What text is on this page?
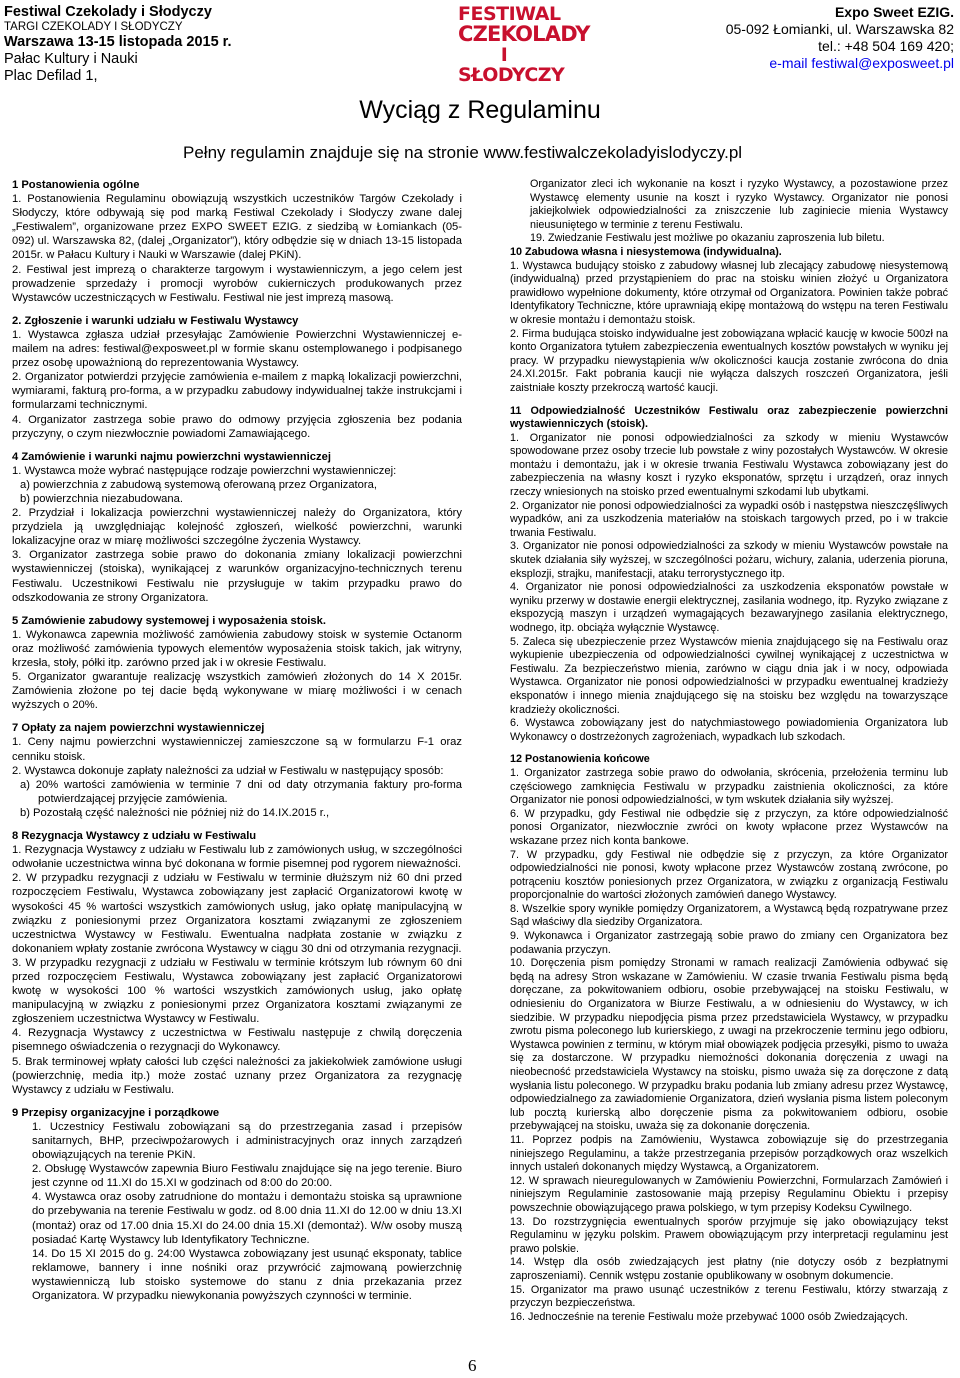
Festiwal Czekolady i Słodyczy
TARGI CZEKOLADY I SŁODYCZY
Warszawa 13-15 listopada 2015 r.
Pałac Kultury i Nauki
Plac Defilad 1,
FESTIWAL
CZEKOLADY
I SŁODYCZY
Expo Sweet EZIG.
05-092 Łomianki, ul. Warszawska 82
tel.: +48 504 169 420;
e-mail festiwal@exposweet.pl
Wyciąg z Regulaminu
Pełny regulamin znajduje się na stronie www.festiwalczekoladyislodyczy.pl
1 Postanowienia ogólne
1. Postanowienia Regulaminu obowiązują wszystkich uczestników Targów Czekolady i Słodyczy, które odbywają się pod marką Festiwal Czekolady i Słodyczy zwane dalej „Festiwalem”, organizowane przez EXPO SWEET EZIG. z siedzibą w Łomiankach (05-092) ul. Warszawska 82, (dalej „Organizator”), który odbędzie się w dniach 13-15 listopada 2015r. w Pałacu Kultury i Nauki w Warszawie (dalej PKiN).
2. Festiwal jest imprezą o charakterze targowym i wystawienniczym, a jego celem jest prowadzenie sprzedaży i promocji wyrobów cukierniczych produkowanych przez Wystawców uczestniczących w Festiwalu. Festiwal nie jest imprezą masową.
2. Zgłoszenie i warunki udziału w Festiwalu Wystawcy
1. Wystawca zgłasza udział przesyłając Zamówienie Powierzchni Wystawienniczej e-mailem na adres: festiwal@exposweet.pl w formie skanu ostemplowanego i podpisanego przez osobę upoważnioną do reprezentowania Wystawcy.
2. Organizator potwierdzi przyjęcie zamówienia e-mailem z mapką lokalizacji powierzchni, wymiarami, fakturą pro-forma, a w przypadku zabudowy indywidualnej także instrukcjami i formularzami technicznymi.
4. Organizator zastrzega sobie prawo do odmowy przyjęcia zgłoszenia bez podania przyczyny, o czym niezwłocznie powiadomi Zamawiającego.
4 Zamówienie i warunki najmu powierzchni wystawienniczej
1. Wystawca może wybrać następujące rodzaje powierzchni wystawienniczej:
a) powierzchnia z zabudową systemową oferowaną przez Organizatora,
b) powierzchnia niezabudowana.
2. Przydział i lokalizacja powierzchni wystawienniczej należy do Organizatora, który przydziela ją uwzględniając kolejność zgłoszeń, wielkość powierzchni, warunki lokalizacyjne oraz w miarę możliwości szczególne życzenia Wystawcy.
3. Organizator zastrzega sobie prawo do dokonania zmiany lokalizacji powierzchni wystawienniczej (stoiska), wynikającej z warunków organizacyjno-technicznych terenu Festiwalu. Uczestnikowi Festiwalu nie przysługuje w takim przypadku prawo do odszkodowania ze strony Organizatora.
5 Zamówienie zabudowy systemowej i wyposażenia stoisk.
1. Wykonawca zapewnia możliwość zamówienia zabudowy stoisk w systemie Octanorm oraz możliwość zamówienia typowych elementów wyposażenia stoisk takich, jak witryny, krzesła, stoły, półki itp. zarówno przed jak i w okresie Festiwalu.
5. Organizator gwarantuje realizację wszystkich zamówień złożonych do 14 X 2015r. Zamówienia złożone po tej dacie będą wykonywane w miarę możliwości i w cenach wyższych o 20%.
7 Opłaty za najem powierzchni wystawienniczej
1. Ceny najmu powierzchni wystawienniczej zamieszczone są w formularzu F-1 oraz cenniku stoisk.
2. Wystawca dokonuje zapłaty należności za udział w Festiwalu w następujący sposób:
a) 20% wartości zamówienia w terminie 7 dni od daty otrzymania faktury pro-forma potwierdzającej przyjęcie zamówienia.
b) Pozostałą część należności nie później niż do 14.IX.2015 r.,
8 Rezygnacja Wystawcy z udziału w Festiwalu
1. Rezygnacja Wystawcy z udziału w Festiwalu lub z zamówionych usług, w szczególności odwołanie uczestnictwa winna być dokonana w formie pisemnej pod rygorem nieważności.
2. W przypadku rezygnacji z udziału w Festiwalu w terminie dłuższym niż 60 dni przed rozpoczęciem Festiwalu, Wystawca zobowiązany jest zapłacić Organizatorowi kwotę w wysokości 45 % wartości wszystkich zamówionych usług, jako opłatę manipulacyjną w związku z poniesionymi przez Organizatora kosztami związanymi ze zgłoszeniem uczestnictwa Wystawcy w Festiwalu. Ewentualna nadpłata zostanie w związku z dokonaniem wpłaty zostanie zwrócona Wystawcy w ciągu 30 dni od otrzymania rezygnacji.
3. W przypadku rezygnacji z udziału w Festiwalu w terminie krótszym lub równym 60 dni przed rozpoczęciem Festiwalu, Wystawca zobowiązany jest zapłacić Organizatorowi kwotę w wysokości 100 % wartości wszystkich zamówionych usług, jako opłatę manipulacyjną w związku z poniesionymi przez Organizatora kosztami związanymi ze zgłoszeniem uczestnictwa Wystawcy w Festiwalu.
4. Rezygnacja Wystawcy z uczestnictwa w Festiwalu następuje z chwilą doręczenia pisemnego oświadczenia o rezygnacji do Wykonawcy.
5. Brak terminowej wpłaty całości lub części należności za jakiekolwiek zamówione usługi (powierzchnię, media itp.) może zostać uznany przez Organizatora za rezygnację Wystawcy z udziału w Festiwalu.
9 Przepisy organizacyjne i porządkowe
1. Uczestnicy Festiwalu zobowiązani są do przestrzegania zasad i przepisów sanitarnych, BHP, przeciwpożarowych i administracyjnych oraz innych zarządzeń obowiązujących na terenie PKiN.
2. Obsługę Wystawców zapewnia Biuro Festiwalu znajdujące się na jego terenie. Biuro jest czynne od 11.XI do 15.XI w godzinach od 8:00 do 20:00.
4. Wystawca oraz osoby zatrudnione do montażu i demontażu stoiska są uprawnione do przebywania na terenie Festiwalu w godz. od 8.00 dnia 11.XI do 12.00 w dniu 13.XI (montaż) oraz od 17.00 dnia 15.XI do 24.00 dnia 15.XI (demontaż). W/w osoby muszą posiadać Kartę Wystawcy lub Identyfikatory Techniczne.
14. Do 15 XI 2015 do g. 24:00 Wystawca zobowiązany jest usunąć eksponaty, tablice reklamowe, bannery i inne nośniki oraz przywrócić zajmowaną powierzchnię wystawienniczą lub stoisko systemowe do stanu z dnia przekazania przez Organizatora. W przypadku niewykonania powyższych czynności w terminie.
Organizator zleci ich wykonanie na koszt i ryzyko Wystawcy, a pozostawione przez Wystawcę elementy usunie na koszt i ryzyko Wystawcy. Organizator nie ponosi jakiejkolwiek odpowiedzialności za zniszczenie lub zaginiecie mienia Wystawcy nieusuniętego w terminie z terenu Festiwalu.
19. Zwiedzanie Festiwalu jest możliwe po okazaniu zaproszenia lub biletu.
10 Zabudowa własna i niesystemowa (indywidualna).
1. Wystawca budujący stoisko z zabudowy własnej lub zlecający zabudowę niesystemową (indywidualną) przed przystąpieniem do prac na stoisku winien złożyć u Organizatora prawidłowo wypełnione dokumenty, które otrzymał od Organizatora. Powinien także pobrać Identyfikatory Techniczne, które uprawniają ekipę montażową do wstępu na teren Festiwalu w okresie montażu i demontażu stoisk.
2. Firma budująca stoisko indywidualne jest zobowiązana wpłacić kaucję w kwocie 500zł na konto Organizatora tytułem zabezpieczenia ewentualnych kosztów powstałych w wyniku jej pracy. W przypadku niewystąpienia w/w okoliczności kaucja zostanie zwrócona do dnia 24.XI.2015r. Fakt pobrania kaucji nie wyłącza dalszych roszczeń Organizatora, jeśli zaistniałe koszty przekroczą wartość kaucji.
11 Odpowiedzialność Uczestników Festiwalu oraz zabezpieczenie powierzchni wystawienniczych (stoisk).
1. Organizator nie ponosi odpowiedzialności za szkody w mieniu Wystawców spowodowane przez osoby trzecie lub powstałe z winy pozostałych Wystawców. W okresie montażu i demontażu, jak i w okresie trwania Festiwalu Wystawca zobowiązany jest do zabezpieczenia na własny koszt i ryzyko eksponatów, sprzętu i urządzeń, oraz innych rzeczy wniesionych na stoisko przed ewentualnymi szkodami lub ubytkami.
2. Organizator nie ponosi odpowiedzialności za wypadki osób i następstwa nieszczęśliwych wypadków, ani za uszkodzenia materiałów na stoiskach targowych przed, po i w trakcie trwania Festiwalu.
3. Organizator nie ponosi odpowiedzialności za szkody w mieniu Wystawców powstałe na skutek działania siły wyższej, w szczególności pożaru, wichury, zalania, uderzenia pioruna, eksplozji, strajku, manifestacji, ataku terrorystycznego itp.
4. Organizator nie ponosi odpowiedzialności za uszkodzenia eksponatów powstałe w wyniku przerwy w dostawie energii elektrycznej, zasilania wodnego, itp. Ryzyko związane z ekspozycją maszyn i urządzeń wymagających bezawaryjnego zasilania elektrycznego, wodnego, itp. obciąża wyłącznie Wystawcę.
5. Zaleca się ubezpieczenie przez Wystawców mienia znajdującego się na Festiwalu oraz wykupienie ubezpieczenia od odpowiedzialności cywilnej wynikającej z uczestnictwa w Festiwalu. Za bezpieczeństwo mienia, zarówno w ciągu dnia jak i w nocy, odpowiada Wystawca. Organizator nie ponosi odpowiedzialności w przypadku ewentualnej kradzieży eksponatów i innego mienia znajdującego się na stoisku bez względu na towarzyszące kradzieży okoliczności.
6. Wystawca zobowiązany jest do natychmiastowego powiadomienia Organizatora lub Wykonawcy o dostrzeżonych zagrożeniach, wypadkach lub szkodach.
12 Postanowienia końcowe
1. Organizator zastrzega sobie prawo do odwołania, skrócenia, przełożenia terminu lub częściowego zamknięcia Festiwalu w przypadku zaistnienia okoliczności, za które Organizator nie ponosi odpowiedzialności, w tym wskutek działania siły wyższej.
6. W przypadku, gdy Festiwal nie odbędzie się z przyczyn, za które odpowiedzialność ponosi Organizator, niezwłocznie zwróci on kwoty wpłacone przez Wystawców na wskazane przez nich konta bankowe.
7. W przypadku, gdy Festiwal nie odbędzie się z przyczyn, za które Organizator odpowiedzialności nie ponosi, kwoty wpłacone przez Wystawców zostaną zwrócone, po potrąceniu kosztów poniesionych przez Organizatora, w związku z organizacją Festiwalu proporcjonalnie do wartości złożonych zamówień danego Wystawcy.
8. Wszelkie spory wynikłe pomiędzy Organizatorem, a Wystawcą będą rozpatrywane przez Sąd właściwy dla siedziby Organizatora.
9. Wykonawca i Organizator zastrzegają sobie prawo do zmiany cen Organizatora bez podawania przyczyn.
10. Doręczenia pism pomiędzy Stronami w ramach realizacji Zamówienia odbywać się będą na adresy Stron wskazane w Zamówieniu. W czasie trwania Festiwalu pisma będą doręczane, za pokwitowaniem odbioru, osobie przebywającej na stoisku Festiwalu, w odniesieniu do Organizatora w Biurze Festiwalu, a w odniesieniu do Wystawcy, w ich siedzibie. W przypadku niepodjęcia pisma przez przedstawiciela Wystawcy, w przypadku zwrotu pisma poleconego lub kurierskiego, z uwagi na przekroczenie terminu jego odbioru, Wystawca powinien z terminu, w którym miał obowiązek podjęcia przesyłki, pismo to uważa się za dostarczone. W przypadku niemożności dokonania doręczenia z uwagi na nieobecność przedstawiciela Wystawcy na stoisku, pismo uważa się za doręczone z datą wysłania listu poleconego. W przypadku braku podania lub zmiany adresu przez Wystawcę, odpowiedzialnego za zawiadomienie Organizatora, dzień wysłania pisma listem poleconym lub pocztą kurierską albo doręczenie pisma za pokwitowaniem odbioru, osobie przebywającej na stoisku, uważa się za dokonanie doręczenia.
11. Poprzez podpis na Zamówieniu, Wystawca zobowiązuje się do przestrzegania niniejszego Regulaminu, a także przestrzegania przepisów porządkowych oraz wszelkich innych ustaleń dokonanych między Wystawcą, a Organizatorem.
12. W sprawach nieuregulowanych w Zamówieniu Powierzchni, Formularzach Zamówień i niniejszym Regulaminie zastosowanie mają przepisy Regulaminu Obiektu i przepisy powszechnie obowiązującego prawa polskiego, w tym przepisy Kodeksu Cywilnego.
13. Do rozstrzygnięcia ewentualnych sporów przyjmuje się jako obowiązujący tekst Regulaminu w języku polskim. Prawem obowiązującym przy interpretacji regulaminu jest prawo polskie.
14. Wstęp dla osób zwiedzających jest płatny (nie dotyczy osób z bezpłatnymi zaproszeniami). Cennik wstępu zostanie opublikowany w osobnym dokumencie.
15. Organizator ma prawo usunąć uczestników z terenu Festiwalu, którzy stwarzają z przyczyn bezpieczeństwa.
16. Jednocześnie na terenie Festiwalu może przebywać 1000 osób Zwiedzających.
6
